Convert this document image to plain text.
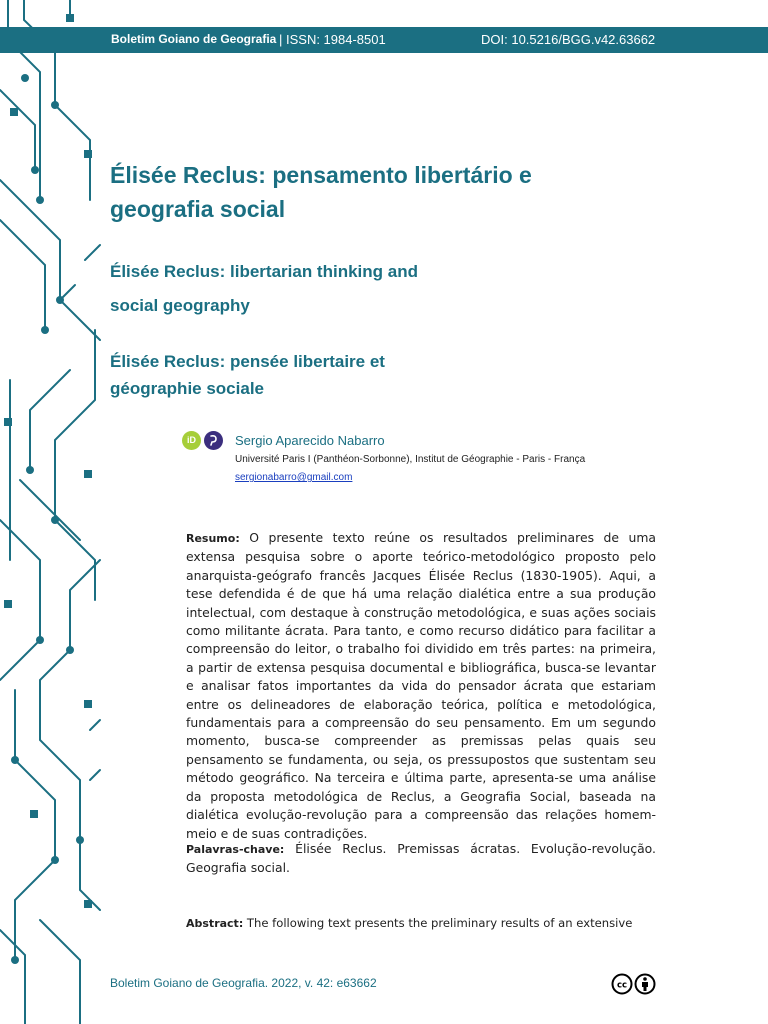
Boletim Goiano de Geografia | ISSN: 1984-8501	DOI: 10.5216/BGG.v42.63662
Élisée Reclus: pensamento libertário e
geografia social
Élisée Reclus: libertarian thinking and
social geography
Élisée Reclus: pensée libertaire et
géographie sociale
iD	Sergio Aparecido Nabarro
Université Paris I (Panthéon-Sorbonne), Institut de Géographie - Paris - França
sergionabarro@gmail.com

Resumo: O presente texto reúne os resultados preliminares de uma extensa pesquisa sobre o aporte teórico-metodológico proposto pelo anarquista-geógrafo francês Jacques Élisée Reclus (1830-1905). Aqui, a tese defendida é de que há uma relação dialética entre a sua produção intelectual, com destaque à construção metodológica, e suas ações sociais como militante ácrata. Para tanto, e como recurso didático para facilitar a compreensão do leitor, o trabalho foi dividido em três partes: na primeira, a partir de extensa pesquisa documental e bibliográfica, busca-se levantar e analisar fatos importantes da vida do pensador ácrata que estariam entre os delineadores de elaboração teórica, política e metodológica, fundamentais para a compreensão do seu pensamento. Em um segundo momento, busca-se compreender as premissas pelas quais seu pensamento se fundamenta, ou seja, os pressupostos que sustentam seu método geográfico. Na terceira e última parte, apresenta-se uma análise da proposta metodológica de Reclus, a Geografia Social, baseada na dialética evolução-revolução para a compreensão das relações homem-meio e de suas contradições.

Palavras-chave: Élisée Reclus. Premissas ácratas. Evolução-revolução. Geografia social.

Abstract: The following text presents the preliminary results of an extensive

Boletim Goiano de Geografia. 2022, v. 42: e63662	cc
